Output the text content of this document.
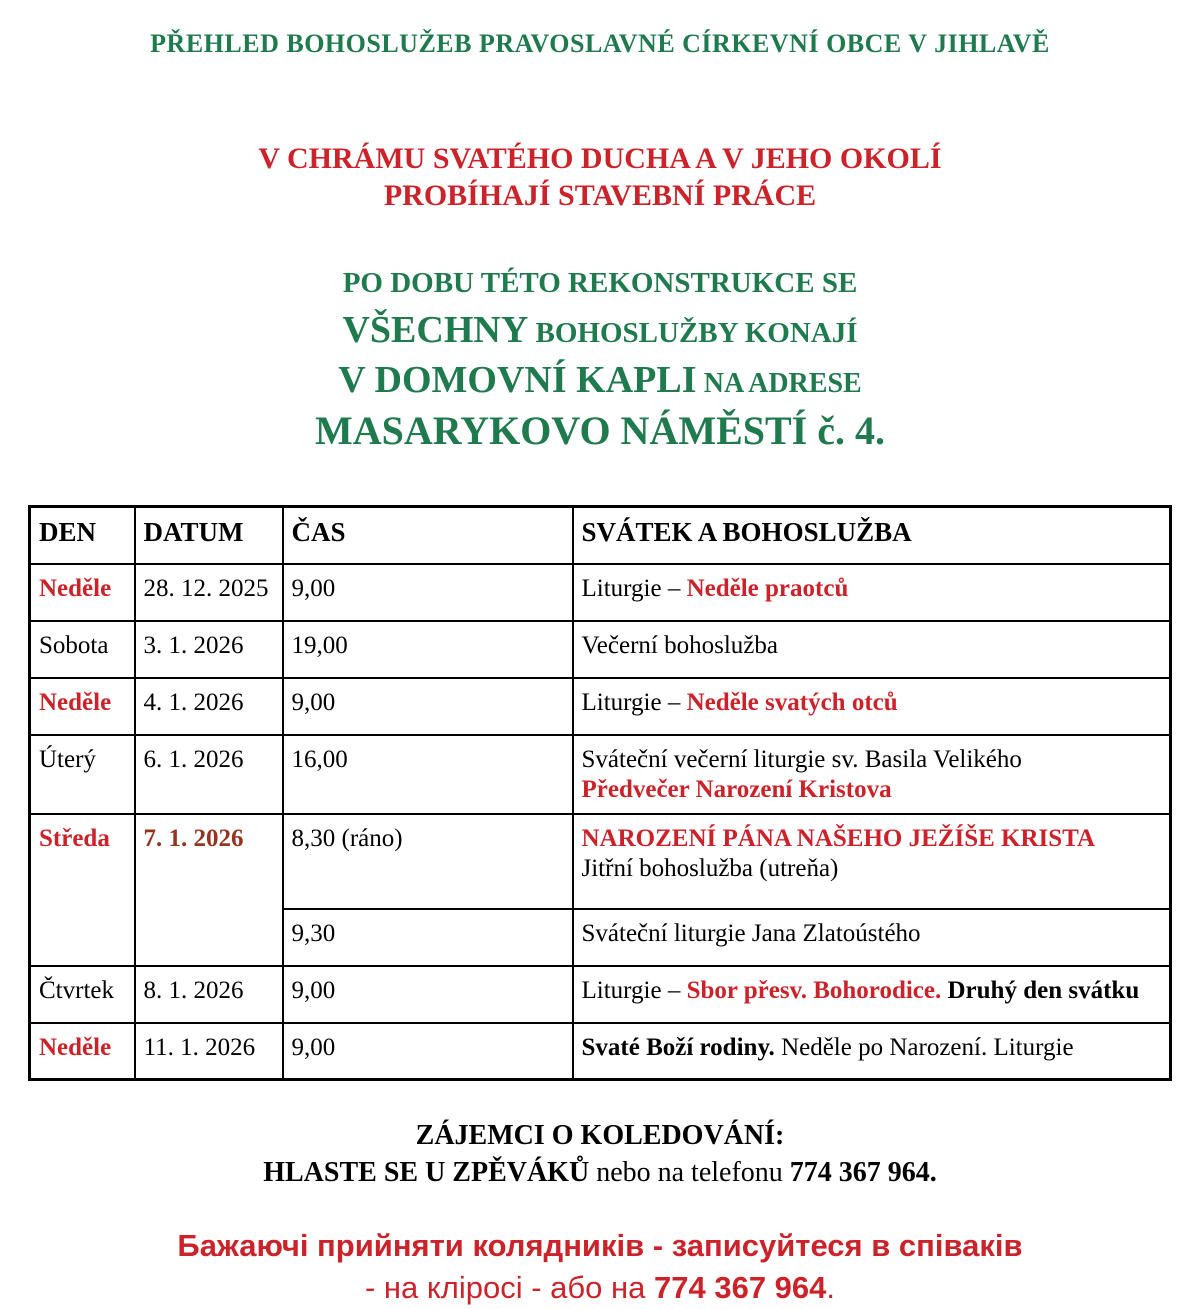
PŘEHLED BOHOSLUŽEB PRAVOSLAVNÉ CÍRKEVNÍ OBCE V JIHLAVĚ
V CHRÁMU SVATÉHO DUCHA A V JEHO OKOLÍ
PROBÍHAJÍ STAVEBNÍ PRÁCE
PO DOBU TÉTO REKONSTRUKCE SE
VŠECHNY BOHOSLUŽBY KONAJÍ
V DOMOVNÍ KAPLI NA ADRESE
MASARYKOVO NÁMĚSTÍ č. 4.
DEN	DATUM	ČAS	SVÁTEK A BOHOSLUŽBA
Neděle	28. 12. 2025	9,00	Liturgie – Neděle praotců
Sobota	3. 1. 2026	19,00	Večerní bohoslužba
Neděle	4. 1. 2026	9,00	Liturgie – Neděle svatých otců
Úterý	6. 1. 2026	16,00	Sváteční večerní liturgie sv. Basila Velikého
Předvečer Narození Kristova
Středa	7. 1. 2026	8,30 (ráno)	NAROZENÍ PÁNA NAŠEHO JEŽÍŠE KRISTA
Jitřní bohoslužba (utreňa)
		9,30	Sváteční liturgie Jana Zlatoústého
Čtvrtek	8. 1. 2026	9,00	Liturgie – Sbor přesv. Bohorodice. Druhý den svátku
Neděle	11. 1. 2026	9,00	Svaté Boží rodiny. Neděle po Narození. Liturgie
ZÁJEMCI O KOLEDOVÁNÍ:
HLASTE SE U ZPĚVÁKŮ nebo na telefonu 774 367 964.
Бажаючі прийняти колядників - записуйтеся в співаків
- на кліросі - або на 774 367 964.
